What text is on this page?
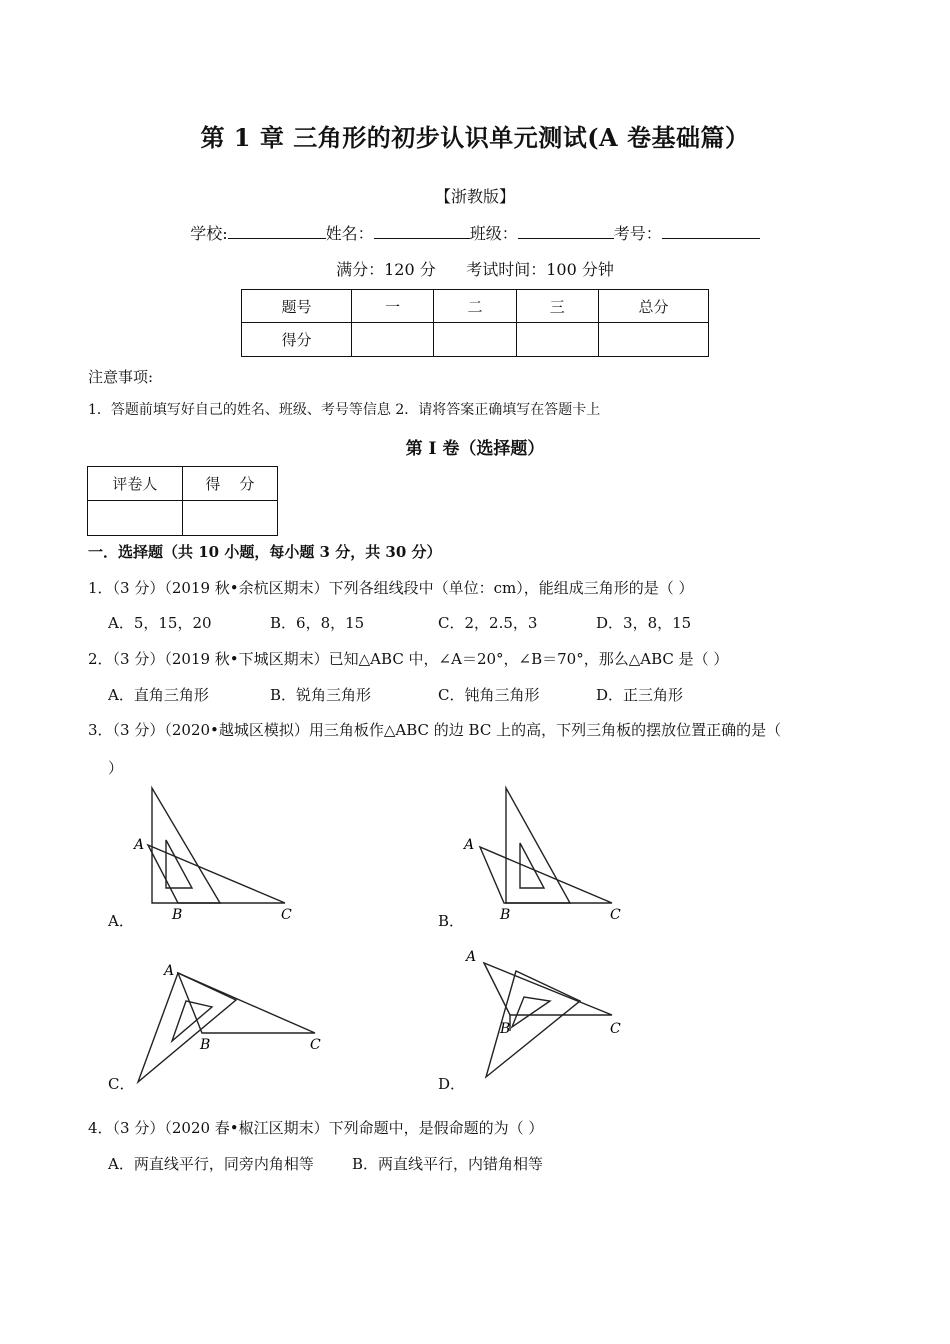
第 1 章 三角形的初步认识单元测试(A 卷基础篇）
【浙教版】
学校:	姓名：	班级：	考号：
满分：120 分      考试时间：100 分钟
题号	一	二	三	总分
得分				
注意事项:
1．答题前填写好自己的姓名、班级、考号等信息 2．请将答案正确填写在答题卡上
第 I 卷（选择题）
评卷人	得    分

一．选择题（共 10 小题，每小题 3 分，共 30 分）
1．（3 分）（2019 秋•余杭区期末）下列各组线段中（单位：cm），能组成三角形的是（ ）
A．5，15，20	B．6，8，15	C．2，2.5，3	D．3，8，15
2．（3 分）（2019 秋•下城区期末）已知△ABC 中，∠A＝20°，∠B＝70°，那么△ABC 是（ ）
A．直角三角形	B．锐角三角形	C．钝角三角形	D．正三角形
3．（3 分）（2020•越城区模拟）用三角板作△ABC 的边 BC 上的高，下列三角板的摆放位置正确的是（
）
A
B	C
A．
A
B	C
B．
A
B	C
C．
A
B	C
D．
4．（3 分）（2020 春•椒江区期末）下列命题中，是假命题的为（ ）
A．两直线平行，同旁内角相等	B．两直线平行，内错角相等
